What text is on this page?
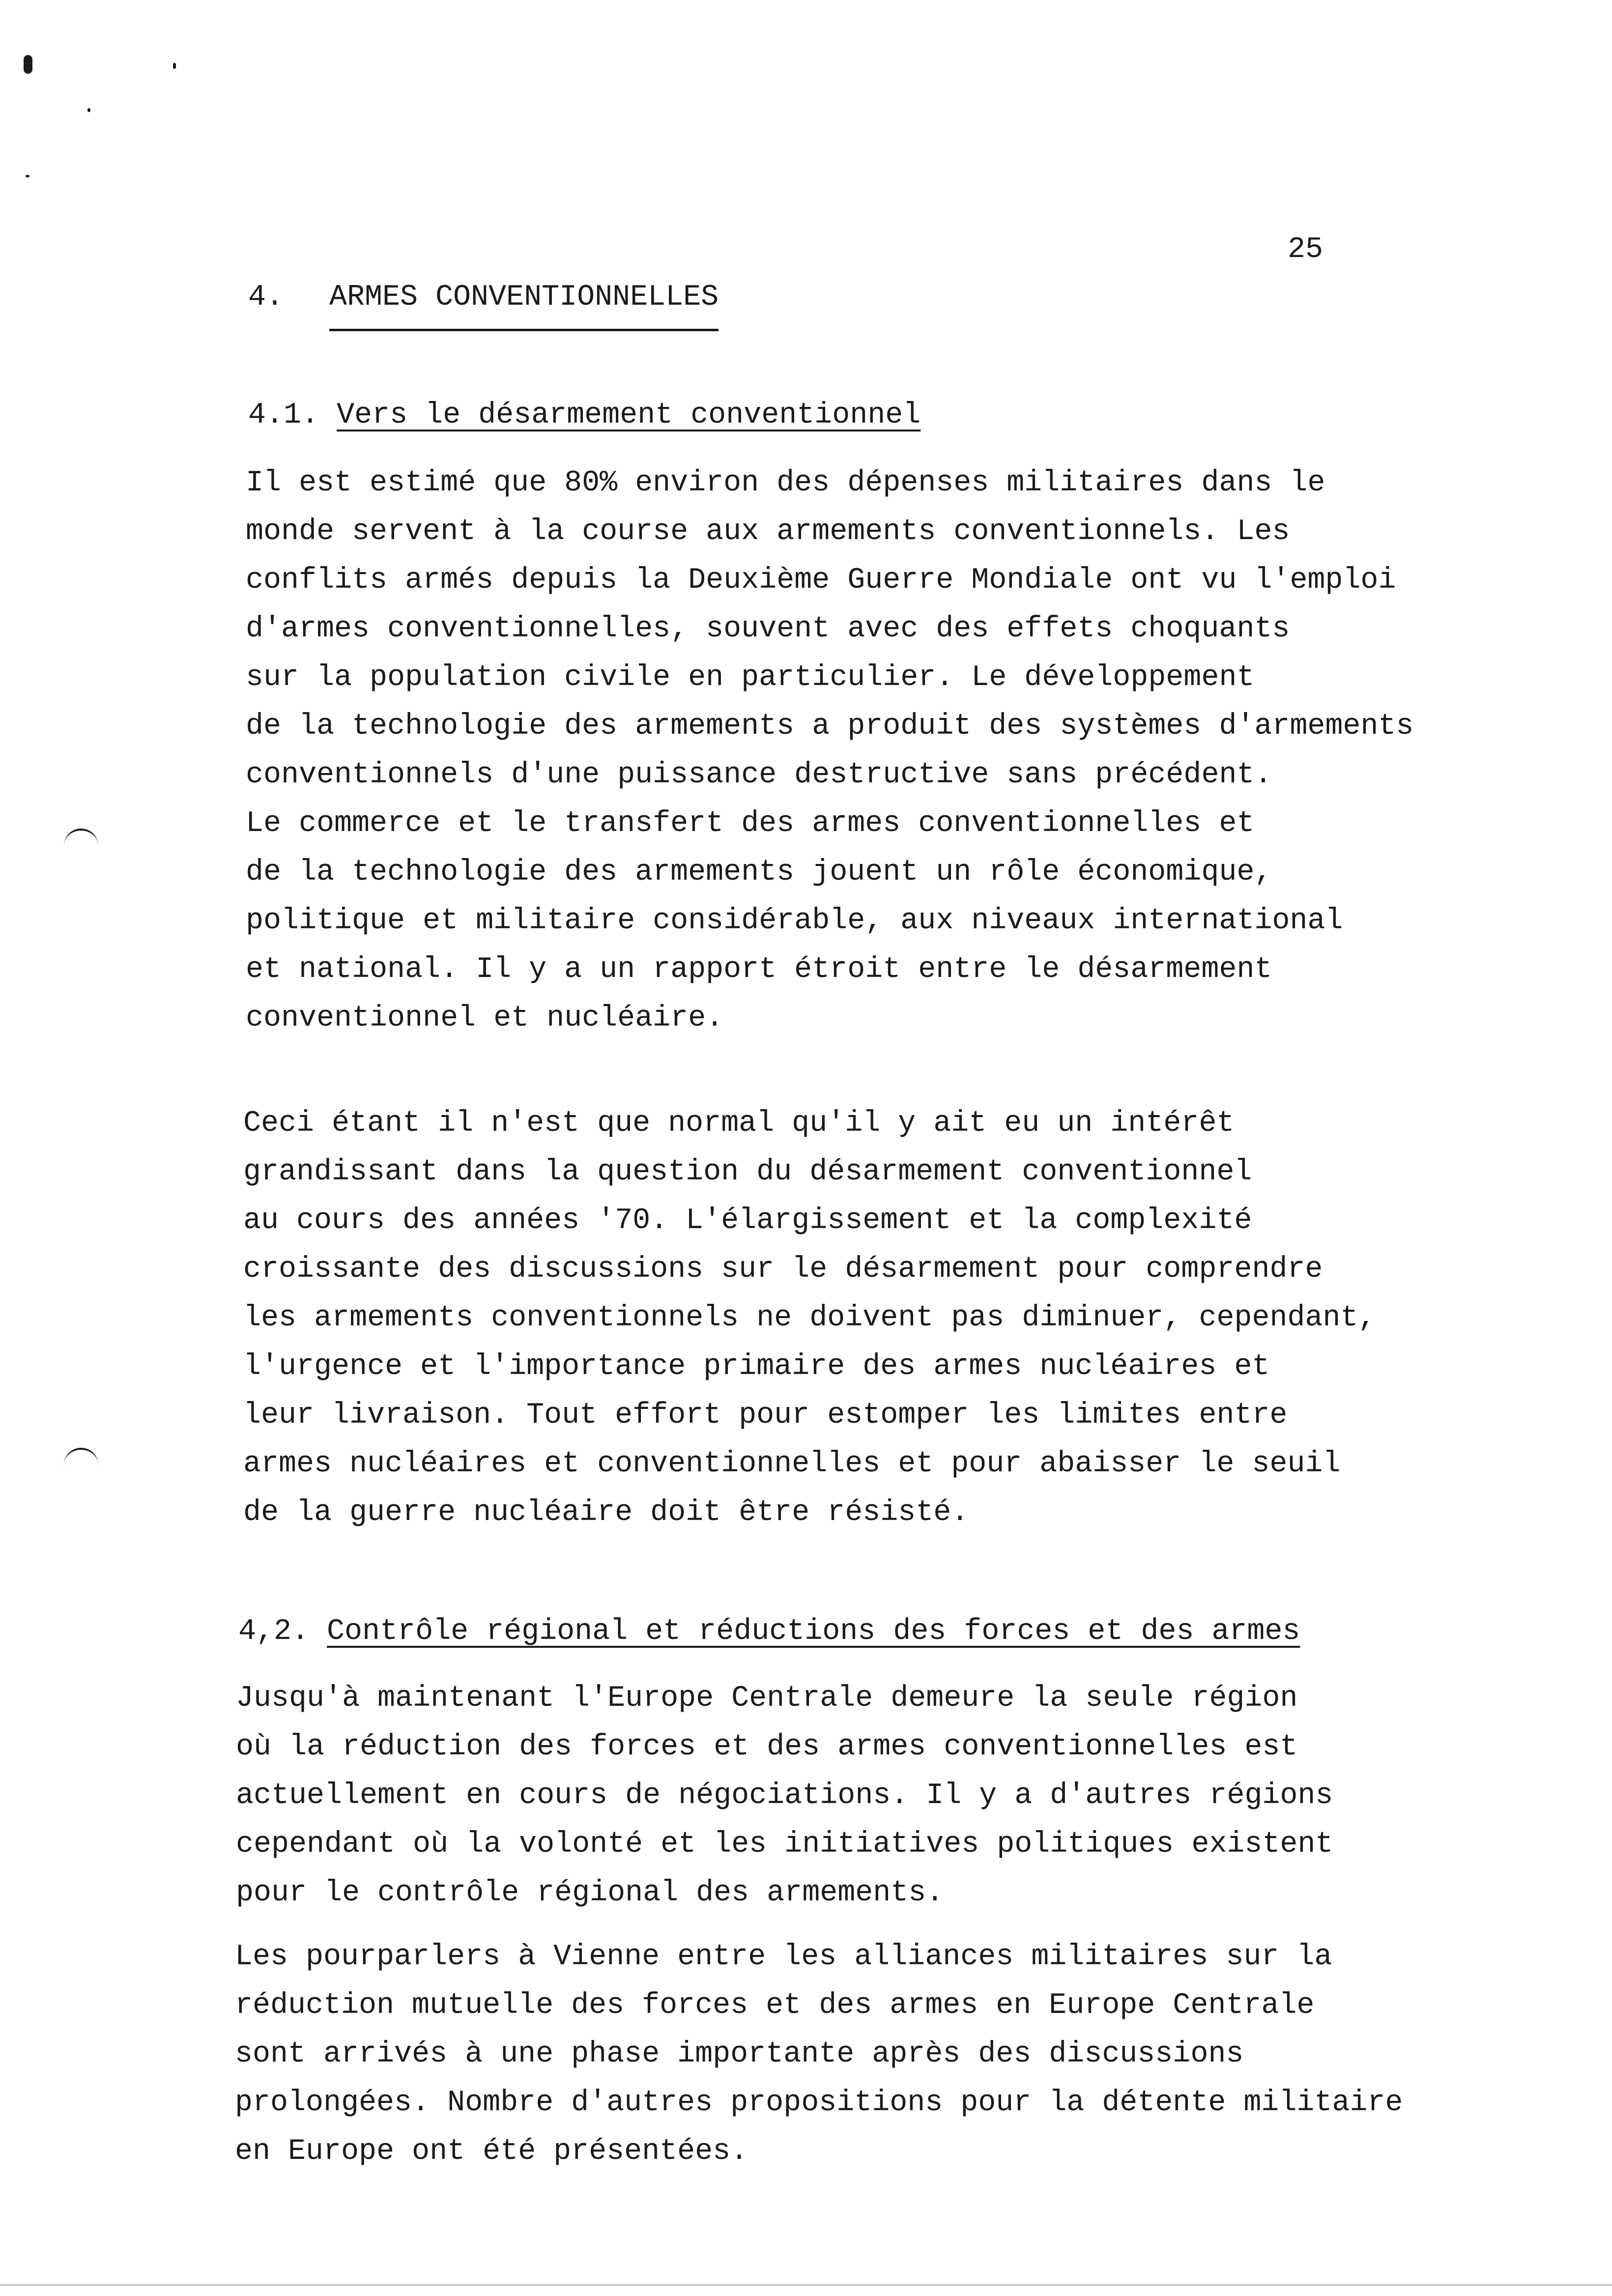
25
4. ARMES CONVENTIONNELLES
4.1. Vers le désarmement conventionnel
Il est estimé que 80% environ des dépenses militaires dans le
monde servent à la course aux armements conventionnels. Les
conflits armés depuis la Deuxième Guerre Mondiale ont vu l'emploi
d'armes conventionnelles, souvent avec des effets choquants
sur la population civile en particulier. Le développement
de la technologie des armements a produit des systèmes d'armements
conventionnels d'une puissance destructive sans précédent.
Le commerce et le transfert des armes conventionnelles et
de la technologie des armements jouent un rôle économique,
politique et militaire considérable, aux niveaux international
et national. Il y a un rapport étroit entre le désarmement
conventionnel et nucléaire.
Ceci étant il n'est que normal qu'il y ait eu un intérêt
grandissant dans la question du désarmement conventionnel
au cours des années '70. L'élargissement et la complexité
croissante des discussions sur le désarmement pour comprendre
les armements conventionnels ne doivent pas diminuer, cependant,
l'urgence et l'importance primaire des armes nucléaires et
leur livraison. Tout effort pour estomper les limites entre
armes nucléaires et conventionnelles et pour abaisser le seuil
de la guerre nucléaire doit être résisté.
4,2. Contrôle régional et réductions des forces et des armes
Jusqu'à maintenant l'Europe Centrale demeure la seule région
où la réduction des forces et des armes conventionnelles est
actuellement en cours de négociations. Il y a d'autres régions
cependant où la volonté et les initiatives politiques existent
pour le contrôle régional des armements.
Les pourparlers à Vienne entre les alliances militaires sur la
réduction mutuelle des forces et des armes en Europe Centrale
sont arrivés à une phase importante après des discussions
prolongées. Nombre d'autres propositions pour la détente militaire
en Europe ont été présentées.
